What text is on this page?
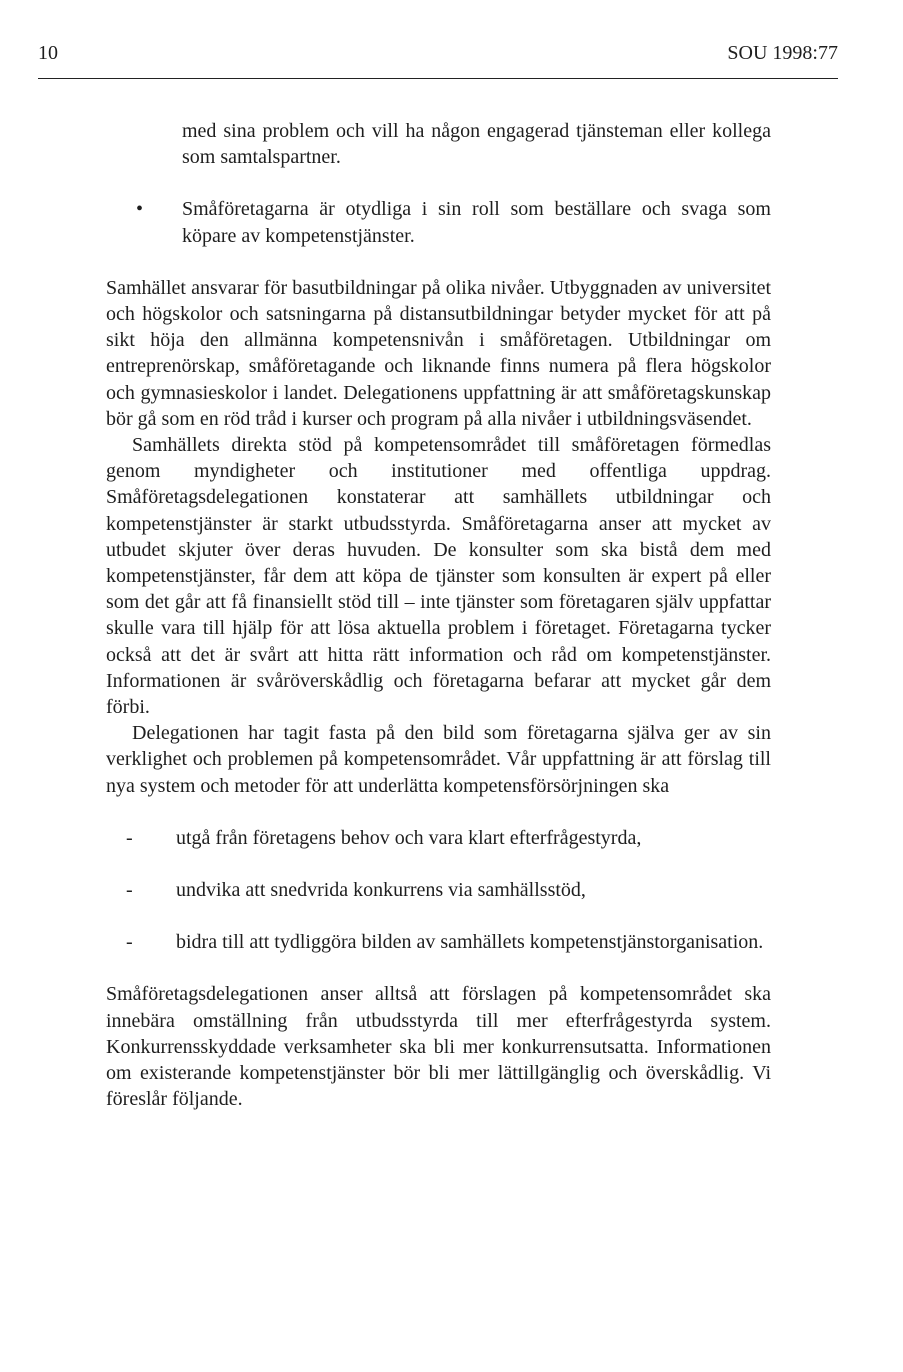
10	SOU 1998:77

med sina problem och vill ha någon engagerad tjänsteman eller kollega som samtalspartner.

• Småföretagarna är otydliga i sin roll som beställare och svaga som köpare av kompetenstjänster.

Samhället ansvarar för basutbildningar på olika nivåer. Utbyggnaden av universitet och högskolor och satsningarna på distansutbildningar betyder mycket för att på sikt höja den allmänna kompetensnivån i småföretagen. Utbildningar om entreprenörskap, småföretagande och liknande finns numera på flera högskolor och gymnasieskolor i landet. Delegationens uppfattning är att småföretagskunskap bör gå som en röd tråd i kurser och program på alla nivåer i utbildningsväsendet.

Samhällets direkta stöd på kompetensområdet till småföretagen förmedlas genom myndigheter och institutioner med offentliga uppdrag. Småföretagsdelegationen konstaterar att samhällets utbildningar och kompetenstjänster är starkt utbudsstyrda. Småföretagarna anser att mycket av utbudet skjuter över deras huvuden. De konsulter som ska bistå dem med kompetenstjänster, får dem att köpa de tjänster som konsulten är expert på eller som det går att få finansiellt stöd till – inte tjänster som företagaren själv uppfattar skulle vara till hjälp för att lösa aktuella problem i företaget. Företagarna tycker också att det är svårt att hitta rätt information och råd om kompetenstjänster. Informationen är svåröverskådlig och företagarna befarar att mycket går dem förbi.

Delegationen har tagit fasta på den bild som företagarna själva ger av sin verklighet och problemen på kompetensområdet. Vår uppfattning är att förslag till nya system och metoder för att underlätta kompetensförsörjningen ska

- utgå från företagens behov och vara klart efterfrågestyrda,
- undvika att snedvrida konkurrens via samhällsstöd,
- bidra till att tydliggöra bilden av samhällets kompetenstjänstorganisation.

Småföretagsdelegationen anser alltså att förslagen på kompetensområdet ska innebära omställning från utbudsstyrda till mer efterfrågestyrda system. Konkurrensskyddade verksamheter ska bli mer konkurrensutsatta. Informationen om existerande kompetenstjänster bör bli mer lättillgänglig och överskådlig. Vi föreslår följande.
